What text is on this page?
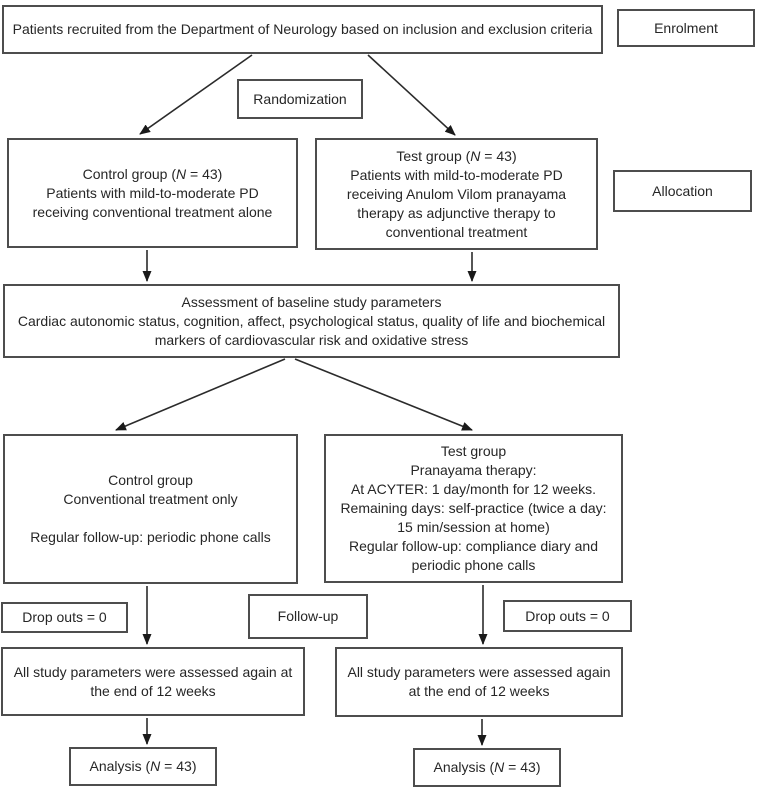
Patients recruited from the Department of Neurology based on inclusion and exclusion criteria	Enrolment
Randomization
Control group (N = 43)
Patients with mild-to-moderate PD
receiving conventional treatment alone
Test group (N = 43)
Patients with mild-to-moderate PD
receiving Anulom Vilom pranayama
therapy as adjunctive therapy to
conventional treatment
Allocation
Assessment of baseline study parameters
Cardiac autonomic status, cognition, affect, psychological status, quality of life and biochemical markers of cardiovascular risk and oxidative stress
Control group
Conventional treatment only
Regular follow-up: periodic phone calls
Test group
Pranayama therapy:
At ACYTER: 1 day/month for 12 weeks.
Remaining days: self-practice (twice a day: 15 min/session at home)
Regular follow-up: compliance diary and periodic phone calls
Drop outs = 0	Follow-up	Drop outs = 0
All study parameters were assessed again at the end of 12 weeks
All study parameters were assessed again at the end of 12 weeks
Analysis (N = 43)	Analysis (N = 43)
